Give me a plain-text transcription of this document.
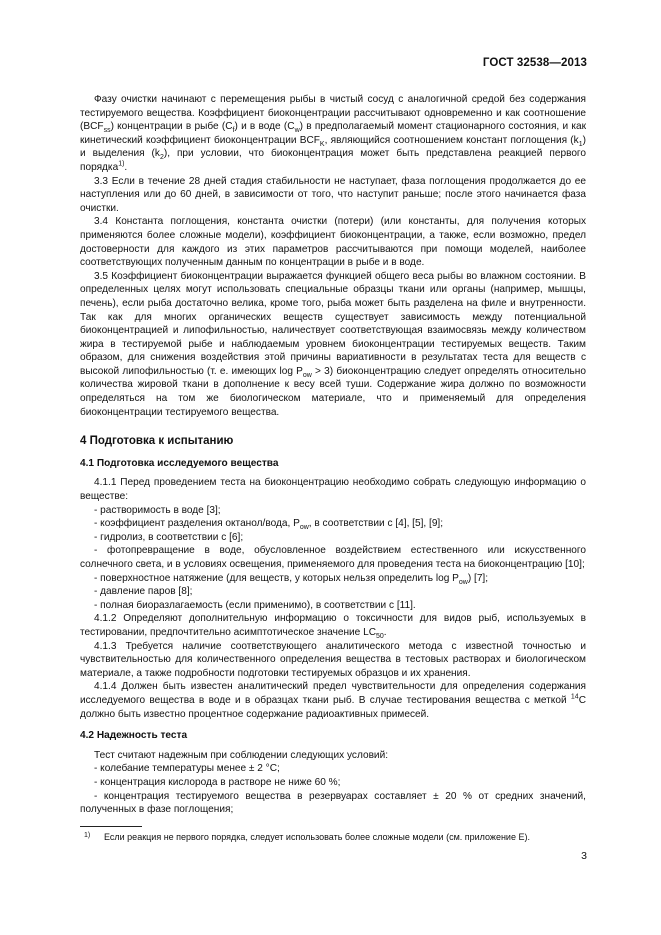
ГОСТ 32538—2013

Фазу очистки начинают с перемещения рыбы в чистый сосуд с аналогичной средой без содержания тестируемого вещества. Коэффициент биоконцентрации рассчитывают одновременно и как соотношение $(BCF_{ss})$ концентрации в рыбе $(C_f)$ и в воде $(C_w)$ в предполагаемый момент стационарного состояния, и как кинетический коэффициент биоконцентрации $BCF_K$, являющийся соотношением констант поглощения $(k_1)$ и выделения $(k_2)$, при условии, что биоконцентрация может быть представлена реакцией первого порядка$^{1)}$.

3.3 Если в течение 28 дней стадия стабильности не наступает, фаза поглощения продолжается до ее наступления или до 60 дней, в зависимости от того, что наступит раньше; после этого начинается фаза очистки.

3.4 Константа поглощения, константа очистки (потери) (или константы, для получения которых применяются более сложные модели), коэффициент биоконцентрации, а также, если возможно, предел достоверности для каждого из этих параметров рассчитываются при помощи моделей, наиболее соответствующих полученным данным по концентрации в рыбе и в воде.

3.5 Коэффициент биоконцентрации выражается функцией общего веса рыбы во влажном состоянии. В определенных целях могут использовать специальные образцы ткани или органы (например, мышцы, печень), если рыба достаточно велика, кроме того, рыба может быть разделена на филе и внутренности. Так как для многих органических веществ существует зависимость между потенциальной биоконцентрацией и липофильностью, наличествует соответствующая взаимосвязь между количеством жира в тестируемой рыбе и наблюдаемым уровнем биоконцентрации тестируемых веществ. Таким образом, для снижения воздействия этой причины вариативности в результатах теста для веществ с высокой липофильностью (т. е. имеющих $\log P_{ow} > 3$) биоконцентрацию следует определять относительно количества жировой ткани в дополнение к весу всей туши. Содержание жира должно по возможности определяться на том же биологическом материале, что и применяемый для определения биоконцентрации тестируемого вещества.

4 Подготовка к испытанию
4.1 Подготовка исследуемого вещества

4.1.1 Перед проведением теста на биоконцентрацию необходимо собрать следующую информацию о веществе:

- растворимость в воде [3];

- коэффициент разделения октанол/вода, $P_{ow}$, в соответствии с [4], [5], [9];

- гидролиз, в соответствии с [6];

- фотопревращение в воде, обусловленное воздействием естественного или искусственного солнечного света, и в условиях освещения, применяемого для проведения теста на биоконцентрацию [10];

- поверхностное натяжение (для веществ, у которых нельзя определить $\log P_{ow}$) [7];

- давление паров [8];

- полная биоразлагаемость (если применимо), в соответствии с [11].

4.1.2 Определяют дополнительную информацию о токсичности для видов рыб, используемых в тестировании, предпочтительно асимптотическое значение $LC_{50}$.

4.1.3 Требуется наличие соответствующего аналитического метода с известной точностью и чувствительностью для количественного определения вещества в тестовых растворах и биологическом материале, а также подробности подготовки тестируемых образцов и их хранения.

4.1.4 Должен быть известен аналитический предел чувствительности для определения содержания исследуемого вещества в воде и в образцах ткани рыб. В случае тестирования вещества с меткой $^{14}$C должно быть известно процентное содержание радиоактивных примесей.

4.2 Надежность теста

Тест считают надежным при соблюдении следующих условий:

- колебание температуры менее ± 2 °C;

- концентрация кислорода в растворе не ниже 60 %;

- концентрация тестируемого вещества в резервуарах составляет ± 20 % от средних значений, полученных в фазе поглощения;

1) Если реакция не первого порядка, следует использовать более сложные модели (см. приложение Е).
3
